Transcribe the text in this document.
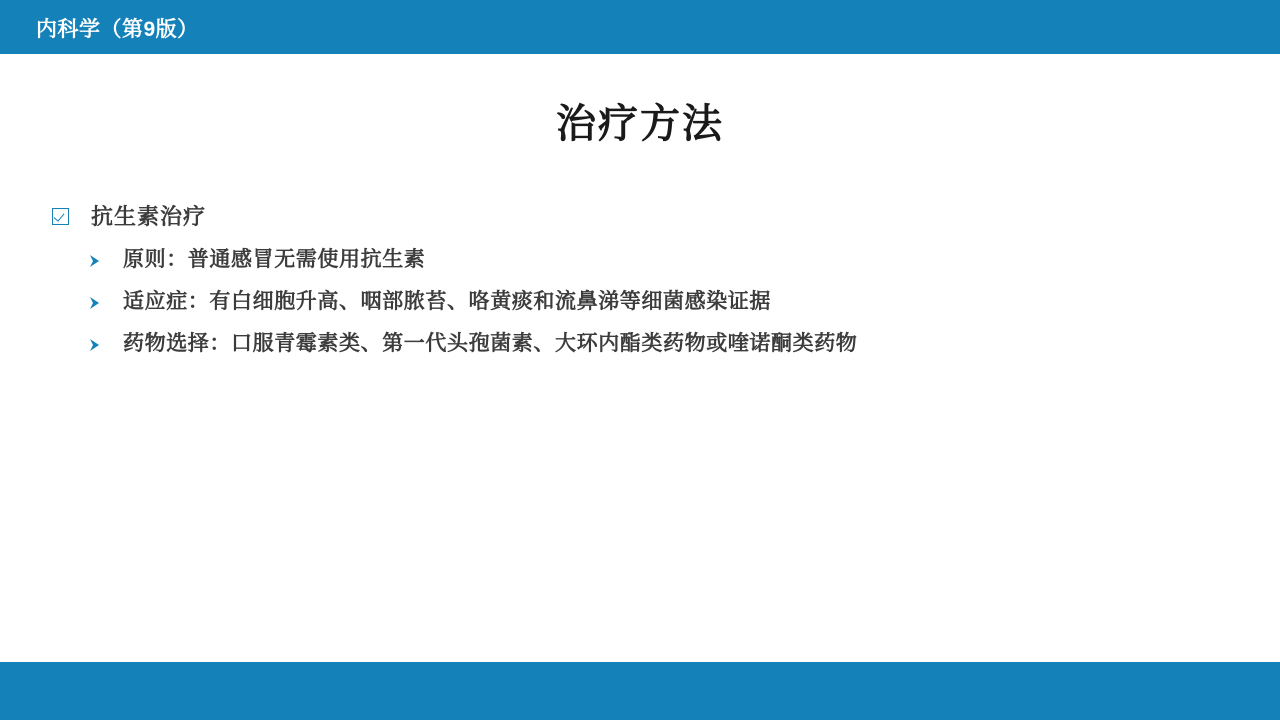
内科学（第9版）
治疗方法
抗生素治疗
原则：普通感冒无需使用抗生素
适应症：有白细胞升高、咽部脓苔、咯黄痰和流鼻涕等细菌感染证据
药物选择：口服青霉素类、第一代头孢菌素、大环内酯类药物或喹诺酮类药物
